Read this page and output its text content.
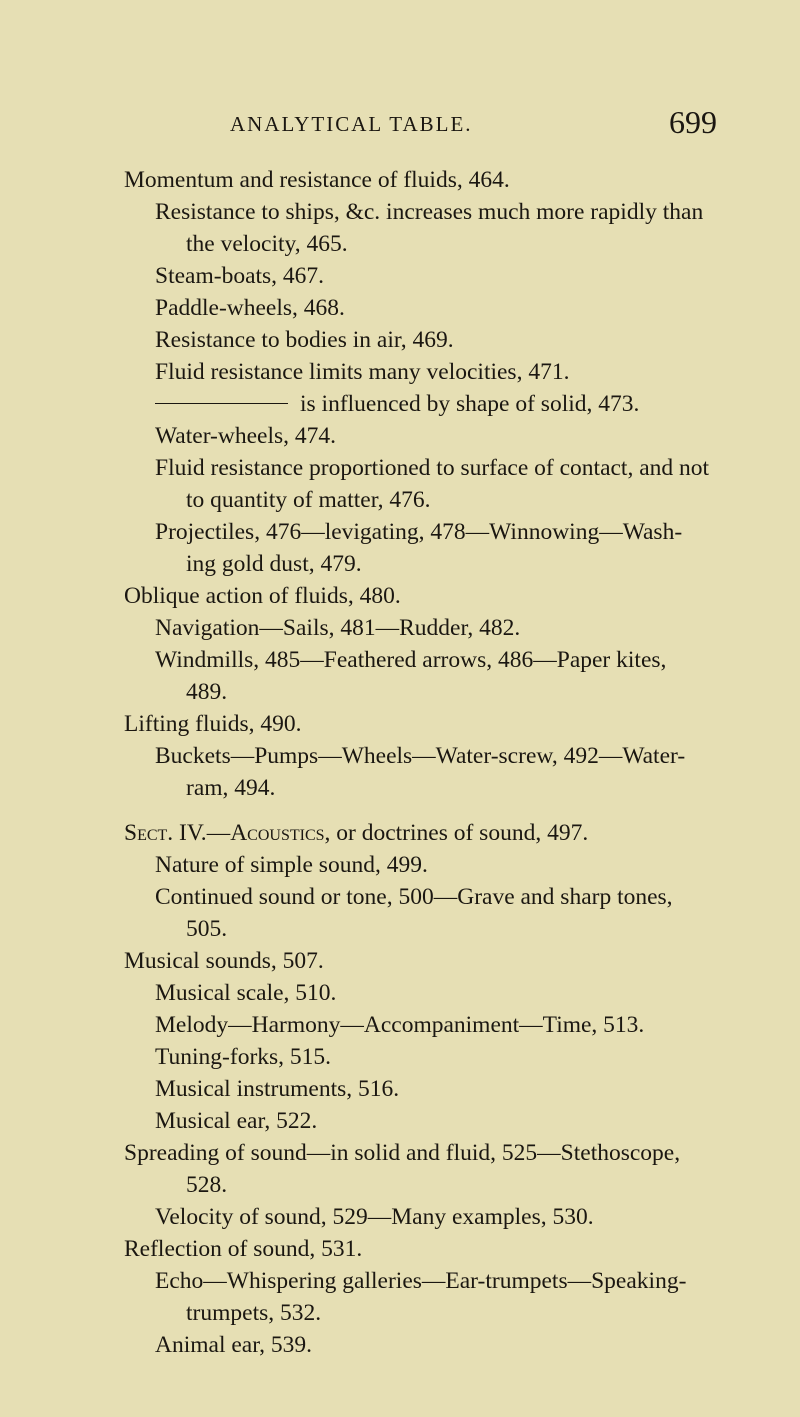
ANALYTICAL TABLE.	699
Momentum and resistance of fluids, 464.
Resistance to ships, &c. increases much more rapidly than
the velocity, 465.
Steam-boats, 467.
Paddle-wheels, 468.
Resistance to bodies in air, 469.
Fluid resistance limits many velocities, 471.
is influenced by shape of solid, 473.
Water-wheels, 474.
Fluid resistance proportioned to surface of contact, and not
to quantity of matter, 476.
Projectiles, 476—levigating, 478—Winnowing—Wash-
ing gold dust, 479.
Oblique action of fluids, 480.
Navigation—Sails, 481—Rudder, 482.
Windmills, 485—Feathered arrows, 486—Paper kites,
489.
Lifting fluids, 490.
Buckets—Pumps—Wheels—Water-screw, 492—Water-
ram, 494.
Sect. IV.—Acoustics, or doctrines of sound, 497.
Nature of simple sound, 499.
Continued sound or tone, 500—Grave and sharp tones,
505.
Musical sounds, 507.
Musical scale, 510.
Melody—Harmony—Accompaniment—Time, 513.
Tuning-forks, 515.
Musical instruments, 516.
Musical ear, 522.
Spreading of sound—in solid and fluid, 525—Stethoscope,
528.
Velocity of sound, 529—Many examples, 530.
Reflection of sound, 531.
Echo—Whispering galleries—Ear-trumpets—Speaking-
trumpets, 532.
Animal ear, 539.
